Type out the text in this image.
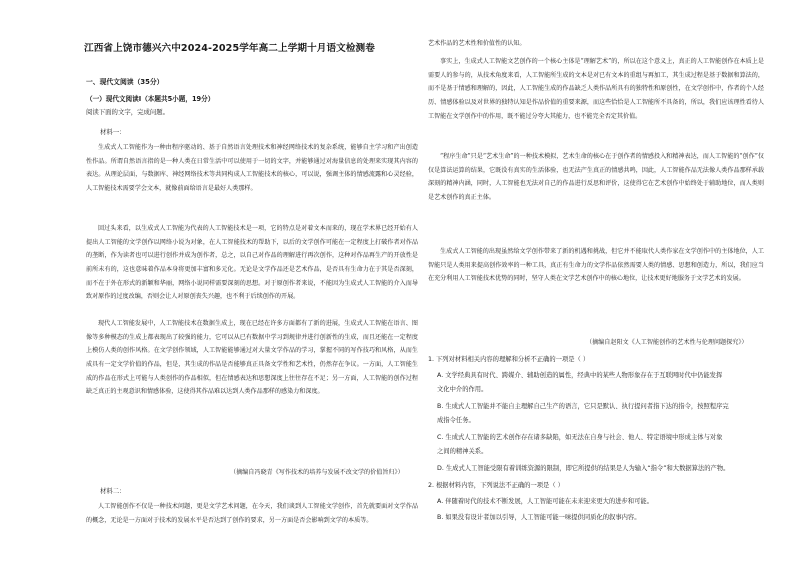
江西省上饶市德兴六中2024-2025学年高二上学期十月语文检测卷
一、现代文阅读（35分）
（一）现代文阅读I（本题共5小题，19分）
阅读下面的文字，完成问题。
材料一：
生成式人工智能作为一种由程序驱动的、基于自然语言处理技术和神经网络技术的复杂系统，能够自主学习和产出创造性作品。所谓自然语言指的是一种人类在日常生活中可以使用于一切的文字，并能够通过对海量信息的处理来实现其内容的表达。从理论层面，与数据库、神经网络技术等共同构成人工智能技术的核心，可以说，强调主体的情感流露和心灵经验，人工智能技术需要学会文本，就像前面给语言是最好人类那样。
回过头来看，以生成式人工智能为代表的人工智能技术是一项，它的特点是对着文本而来的，现在学术界已经开始有人提出人工智能的文学创作以网络小说为对象，在人工智能技术的帮助下，以后的文学创作可能在一定程度上打破作者对作品的垄断，作为读者也可以进行创作并成为创作者，总之，以自己对作品的理解进行再次创作，这种对作品再生产的开放性是前所未有的，这也意味着作品本身将更加丰富和多元化。无论是文学作品还是艺术作品，是否具有生命力在于其是否深刻，而不在于外在形式的新颖和华丽，网络小说同样需要深刻的思想。对于原创作者来说，不能因为生成式人工智能的介入而导致对原作的过度改编，否则会让人对原创丧失兴趣，也不利于后续创作的开展。
现代人工智能发展中，人工智能技术在数据生成上，现在已经在许多方面都有了新的进展，生成式人工智能在语言、图像等多种模态的生成上都表现出了较强的能力，它可以从已有数据中学习到规律并进行创新性的生成，而且还能在一定程度上模仿人类的创作风格。在文学创作领域，人工智能能够通过对大量文学作品的学习，掌握不同的写作技巧和风格，从而生成具有一定文学价值的作品，但是，其生成的作品是否能够真正具备文学性和艺术性，仍然存在争议。一方面，人工智能生成的作品在形式上可能与人类创作的作品相似，但在情感表达和思想深度上往往存在不足；另一方面，人工智能的创作过程缺乏真正的主观意识和情感体验，这使得其作品难以达到人类作品那样的感染力和深度。
（摘编自冯晓青《写作技术的培养与发展不改文学的价值旨归》）
材料二：
人工智能创作不仅是一种技术问题，更是文学艺术问题，在今天，我们谈到人工智能文学创作，首先就要面对文学作品的概念，无论是一方面对于技术的发展水平是否达到了创作的要求，另一方面是否会影响到文学的本质等。
艺术作品的艺术性和价值性的认知。
事实上，生成式人工智能文艺创作的一个核心主体是“理解艺术”的，所以在这个意义上，真正的人工智能创作在本质上是需要人的参与的，从技术角度来看，人工智能所生成的文本是对已有文本的重组与再加工，其生成过程是基于数据和算法的，而不是基于情感和理解的，因此，人工智能生成的作品缺乏人类作品所具有的独特性和原创性，在文学创作中，作者的个人经历、情感体验以及对世界的独特认知是作品价值的重要来源，而这些恰恰是人工智能所不具备的，所以，我们应该理性看待人工智能在文学创作中的作用，既不能过分夸大其能力，也不能完全否定其价值。
“程序生命”只是“艺术生命”的一种技术模拟，艺术生命的核心在于创作者的情感投入和精神表达，而人工智能的“创作”仅仅是算法运算的结果，它既没有真实的生活体验，也无法产生真正的情感共鸣，因此，人工智能作品无法像人类作品那样承载深刻的精神内涵，同时，人工智能也无法对自己的作品进行反思和评价，这使得它在艺术创作中始终处于辅助地位，而人类则是艺术创作的真正主体。
生成式人工智能的出现虽然给文学创作带来了新的机遇和挑战，但它并不能取代人类作家在文学创作中的主体地位，人工智能只是人类用来提高创作效率的一种工具，真正有生命力的文学作品依然需要人类的情感、思想和创造力，所以，我们应当在充分利用人工智能技术优势的同时，坚守人类在文学艺术创作中的核心地位，让技术更好地服务于文学艺术的发展。
（摘编自赵阳文《人工智能创作的艺术性与伦理问题探究》）
1. 下列对材料相关内容的理解和分析不正确的一项是（ ）
A. 文学经典具有时代、跨媒介、辅助创造的属性，经典中的某些人物形象存在于互联网时代中仍能发挥
文化中介的作用。
B. 生成式人工智能并不能自主理解自己生产的语言，它只是默认、执行提问者指下达的指令，按照程序完
成指令任务。
C. 生成式人工智能的艺术创作存在诸多缺陷，如无法在自身与社会、他人、特定语境中形成主体与对象
之间的精神关系。
D. 生成式人工智能受限有着训练资源的限制，即它所提供的结果是人为输入“指令”和大数据算法的产物。
2. 根据材料内容，下列说法不正确的一项是（ ）
A. 伴随着时代的技术不断发展，人工智能可能在未来迎来更大的进步和可能。
B. 如果没有设计者加以引导，人工智能可能一味提供同质化的叙事内容。
